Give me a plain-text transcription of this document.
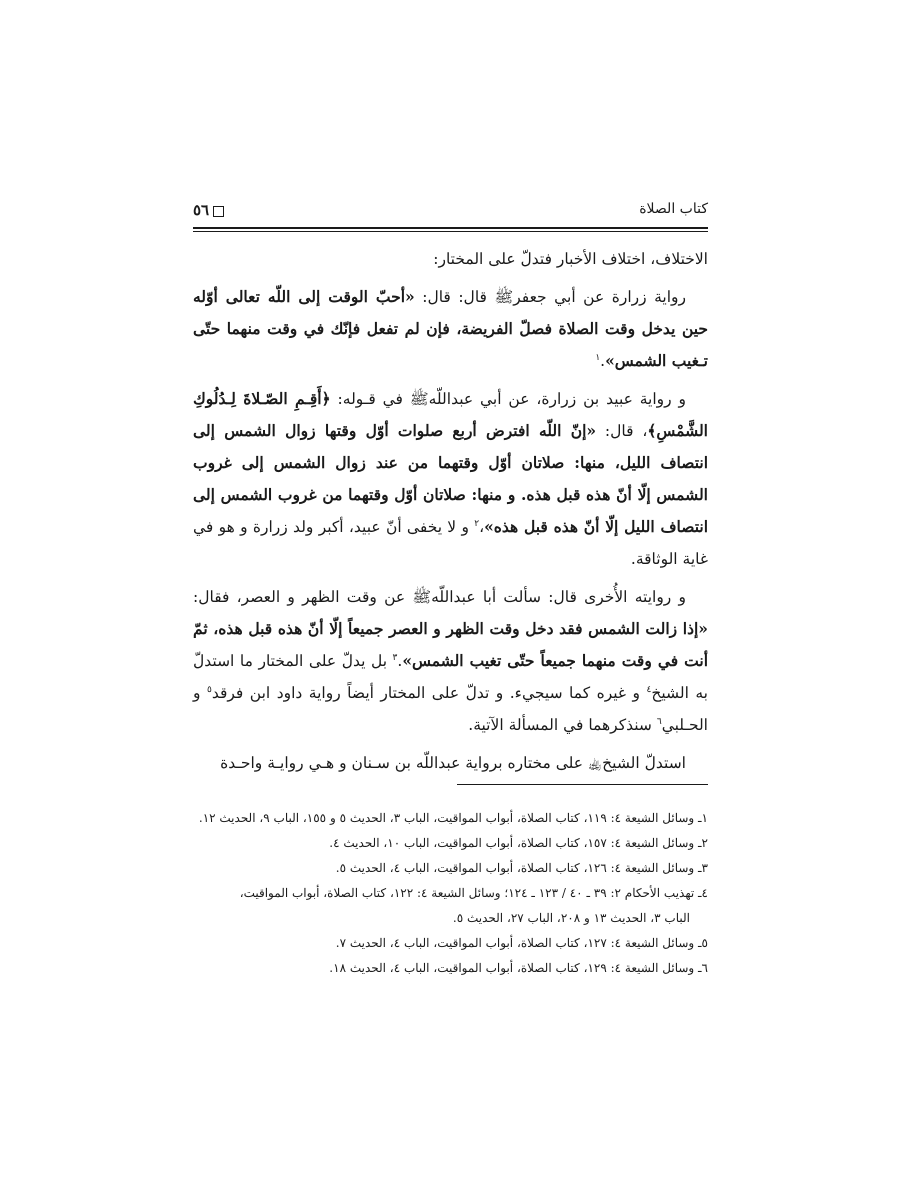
٥٦	كتاب الصلاة

الاختلاف، اختلاف الأخبار فتدلّ على المختار:

رواية زرارة عن أبي جعفرﷺ قال: قال: «أحبّ الوقت إلى اللّه تعالى أوّله حين يدخل وقت الصلاة فصلّ الفريضة، فإن لم تفعل فإنّك في وقت منهما حتّى تـغيب الشمس».$^١$

و رواية عبيد بن زرارة، عن أبي عبداللّهﷺ في قـوله: ﴿أَقِـمِ الصّـلاةَ لِـدُلُوكِ الشَّمْسِ﴾، قال: «إنّ اللّه افترض أربع صلوات أوّل وقتها زوال الشمس إلى انتصاف الليل، منها: صلاتان أوّل وقتهما من عند زوال الشمس إلى غروب الشمس إلّا أنّ هذه قبل هذه. و منها: صلاتان أوّل وقتهما من غروب الشمس إلى انتصاف الليل إلّا أنّ هذه قبل هذه»،$^٢$ و لا يخفى أنّ عبيد، أكبر ولد زرارة و هو في غاية الوثاقة.

و روايته الأُخرى قال: سألت أبا عبداللّهﷺ عن وقت الظهر و العصر، فقال: «إذا زالت الشمس فقد دخل وقت الظهر و العصر جميعاً إلّا أنّ هذه قبل هذه، ثمّ أنت في وقت منهما جميعاً حتّى تغيب الشمس».$^٣$ بل يدلّ على المختار ما استدلّ به الشيخ$^٤$ و غيره كما سيجيء. و تدلّ على المختار أيضاً رواية داود ابن فرقد$^٥$ و الحـلبي$^٦$ سنذكرهما في المسألة الآتية.

استدلّ الشيخ﵀ على مختاره برواية عبداللّه بن سـنان و هـي روايـة واحـدة

١ـ وسائل الشيعة ٤: ١١٩، كتاب الصلاة، أبواب المواقيت، الباب ٣، الحديث ٥ و ١٥٥، الباب ٩، الحديث ١٢.
٢ـ وسائل الشيعة ٤: ١٥٧، كتاب الصلاة، أبواب المواقيت، الباب ١٠، الحديث ٤.
٣ـ وسائل الشيعة ٤: ١٢٦، كتاب الصلاة، أبواب المواقيت، الباب ٤، الحديث ٥.
٤ـ تهذيب الأحكام ٢: ٣٩ ـ ٤٠ / ١٢٣ ـ ١٢٤؛ وسائل الشيعة ٤: ١٢٢، كتاب الصلاة، أبواب المواقيت،
الباب ٣، الحديث ١٣ و ٢٠٨، الباب ٢٧، الحديث ٥.
٥ـ وسائل الشيعة ٤: ١٢٧، كتاب الصلاة، أبواب المواقيت، الباب ٤، الحديث ٧.
٦ـ وسائل الشيعة ٤: ١٢٩، كتاب الصلاة، أبواب المواقيت، الباب ٤، الحديث ١٨.
